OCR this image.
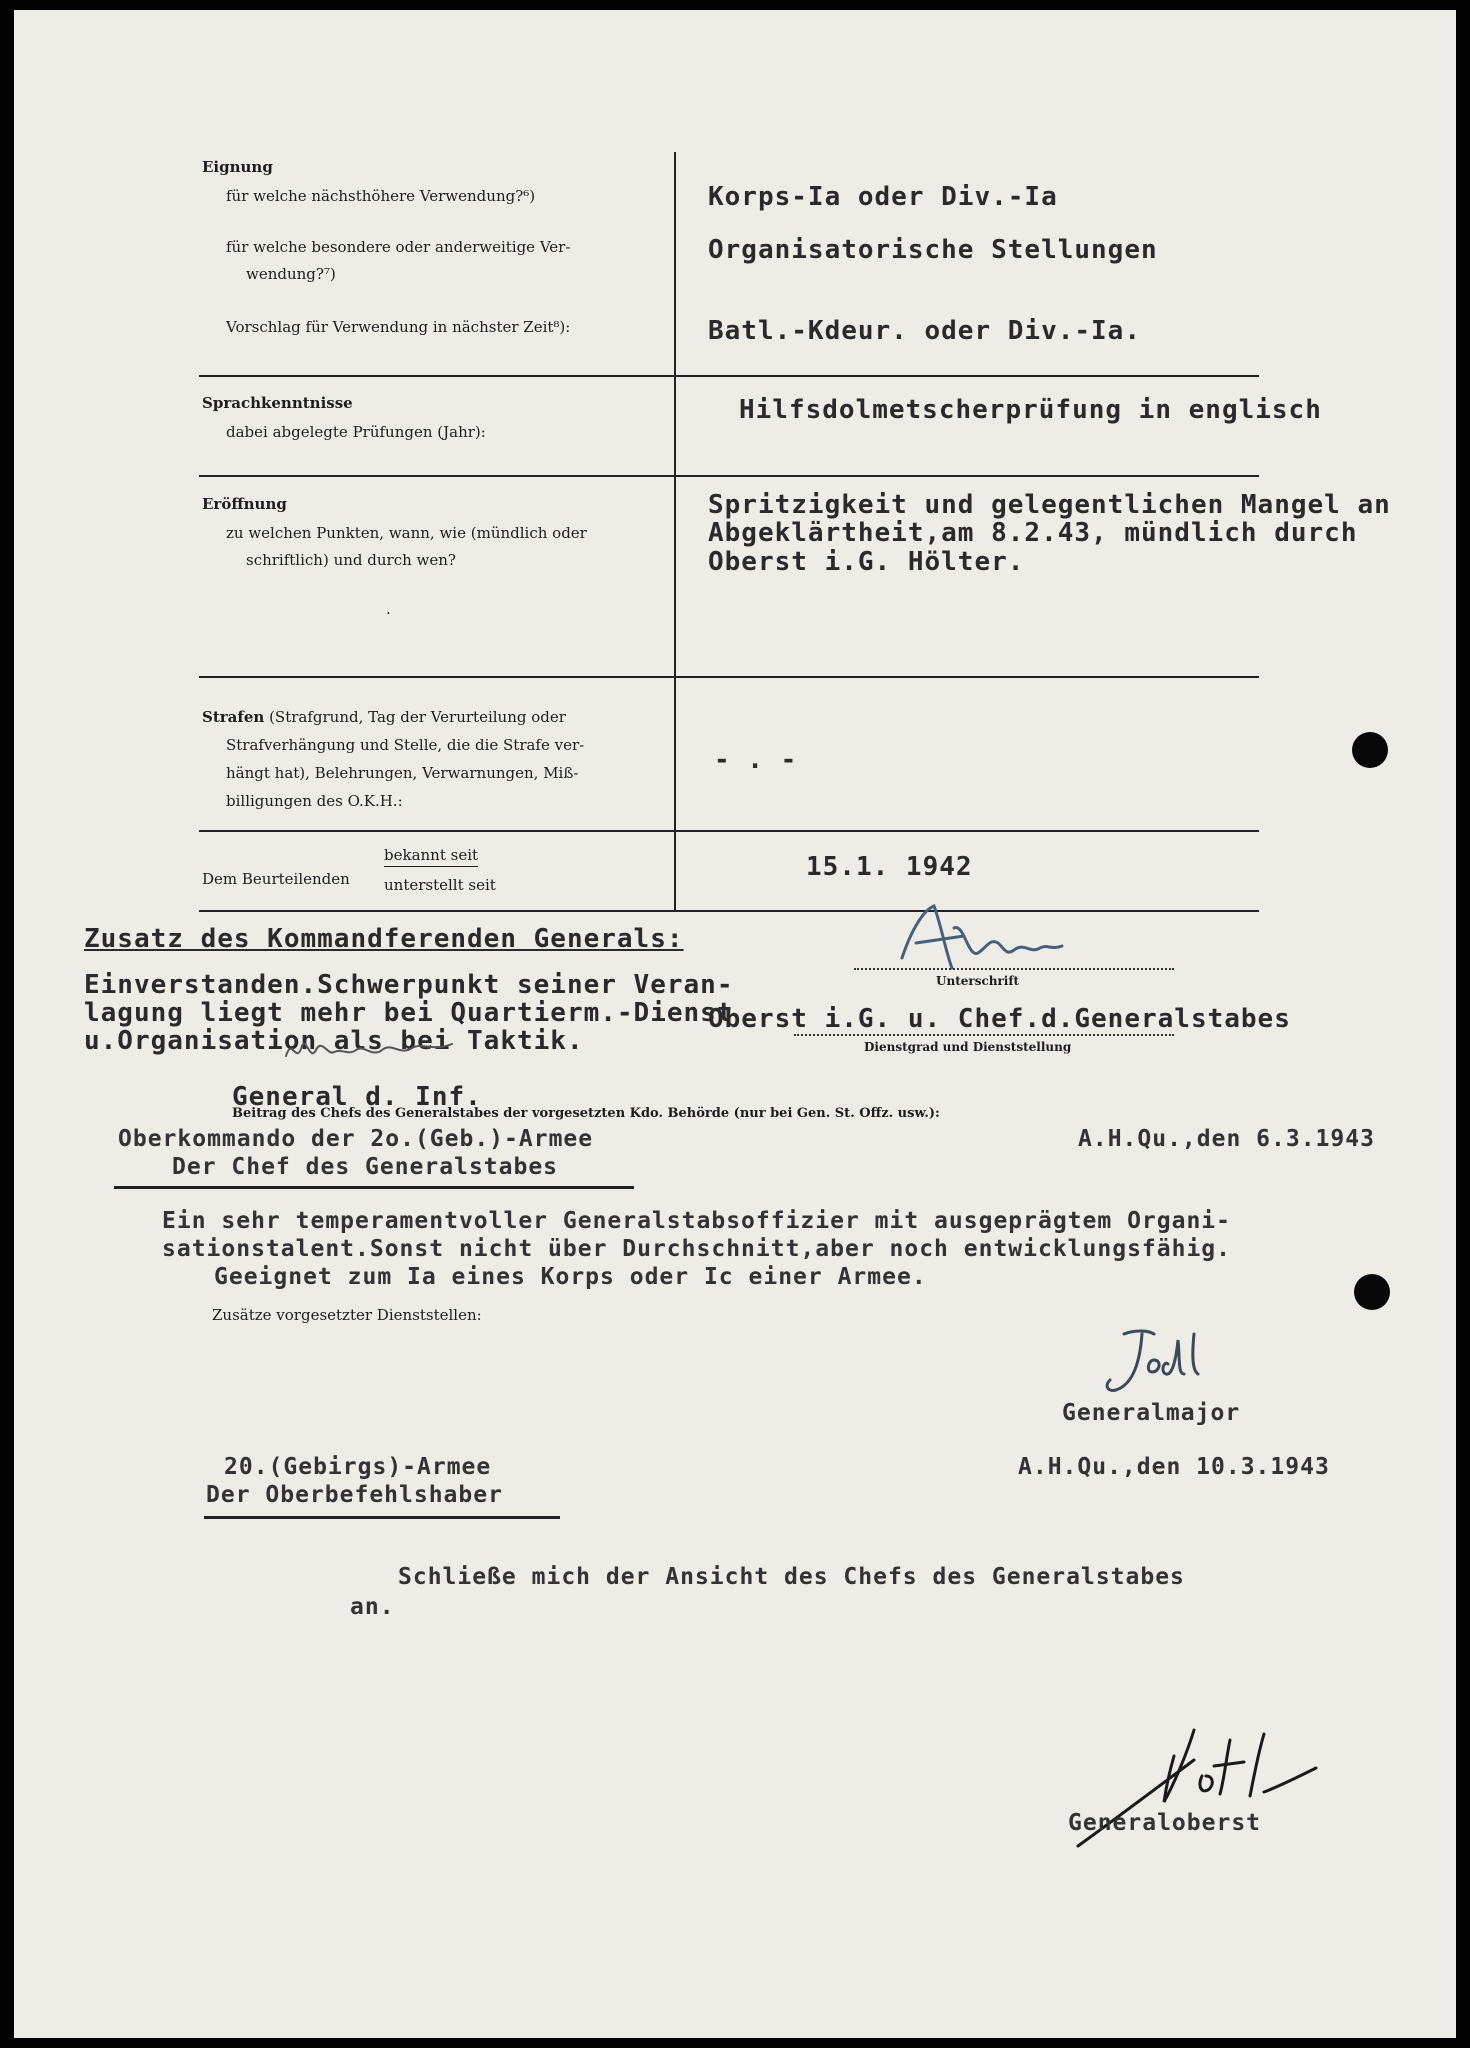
Eignung
für welche nächsthöhere Verwendung?⁶)
für welche besondere oder anderweitige Ver-
wendung?⁷)
Vorschlag für Verwendung in nächster Zeit⁸):
Korps-Ia oder Div.-Ia
Organisatorische Stellungen
Batl.-Kdeur. oder Div.-Ia.
Sprachkenntnisse
dabei abgelegte Prüfungen (Jahr):
Hilfsdolmetscherprüfung in englisch
Eröffnung
zu welchen Punkten, wann, wie (mündlich oder
schriftlich) und durch wen?
.
Spritzigkeit und gelegentlichen Mangel an
Abgeklärtheit,am 8.2.43, mündlich durch
Oberst i.G. Hölter.
Strafen (Strafgrund, Tag der Verurteilung oder
Strafverhängung und Stelle, die die Strafe ver-
hängt hat), Belehrungen, Verwarnungen, Miß-
billigungen des O.K.H.:
- . -
Dem Beurteilenden
bekannt seit
unterstellt seit
15.1. 1942
Unterschrift
Zusatz des Kommandferenden Generals:
Einverstanden.Schwerpunkt seiner Veran-
lagung liegt mehr bei Quartierm.-Dienst
u.Organisation als bei Taktik.
Oberst i.G. u. Chef.d.Generalstabes
Dienstgrad und Dienststellung
General d. Inf.
Beitrag des Chefs des Generalstabes der vorgesetzten Kdo. Behörde (nur bei Gen. St. Offz. usw.):
Oberkommando der 2o.(Geb.)-Armee
Der Chef des Generalstabes
A.H.Qu.,den 6.3.1943
Ein sehr temperamentvoller Generalstabsoffizier mit ausgeprägtem Organi-
sationstalent.Sonst nicht über Durchschnitt,aber noch entwicklungsfähig.
Geeignet zum Ia eines Korps oder Ic einer Armee.
Zusätze vorgesetzter Dienststellen:
Generalmajor
20.(Gebirgs)-Armee
Der Oberbefehlshaber
A.H.Qu.,den 10.3.1943
Schließe mich der Ansicht des Chefs des Generalstabes
an.
Generaloberst
